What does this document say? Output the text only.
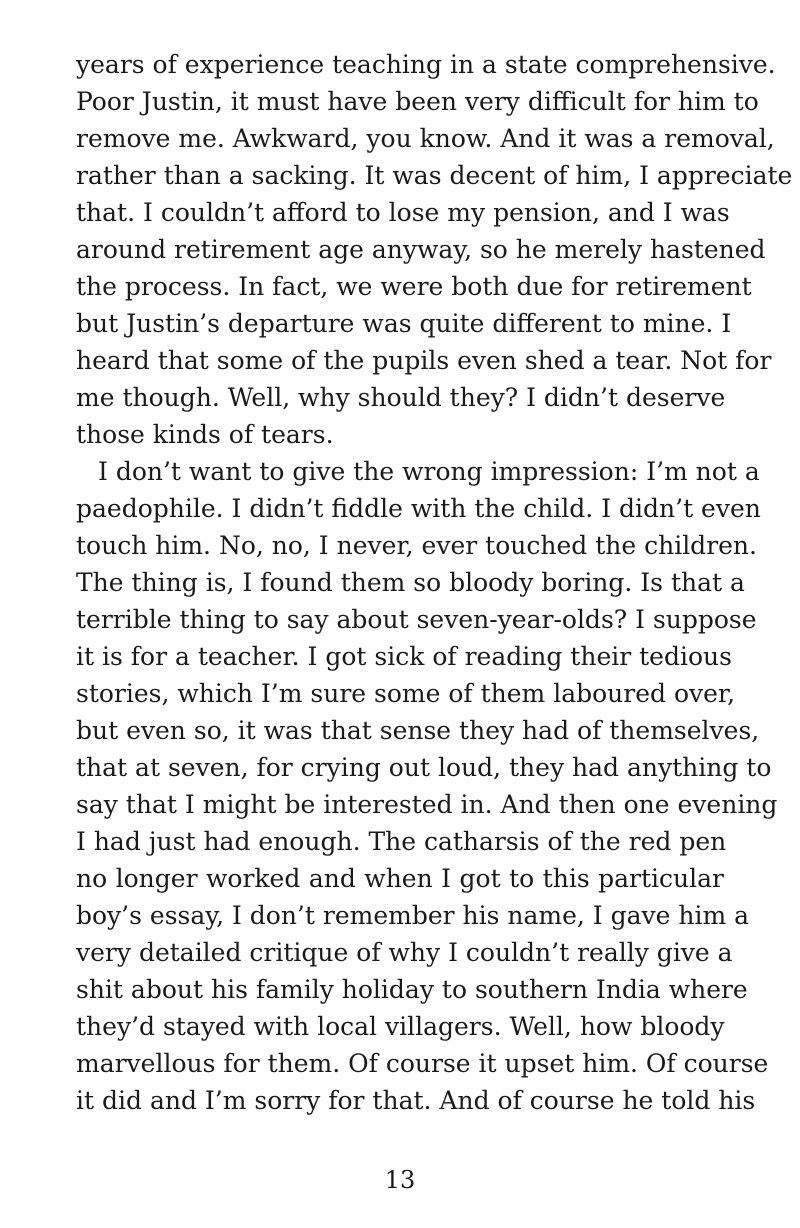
years of experience teaching in a state comprehensive.
Poor Justin, it must have been very difficult for him to
remove me. Awkward, you know. And it was a removal,
rather than a sacking. It was decent of him, I appreciate
that. I couldn’t afford to lose my pension, and I was
around retirement age anyway, so he merely hastened
the process. In fact, we were both due for retirement
but Justin’s departure was quite different to mine. I
heard that some of the pupils even shed a tear. Not for
me though. Well, why should they? I didn’t deserve
those kinds of tears.
I don’t want to give the wrong impression: I’m not a
paedophile. I didn’t fiddle with the child. I didn’t even
touch him. No, no, I never, ever touched the children.
The thing is, I found them so bloody boring. Is that a
terrible thing to say about seven-year-olds? I suppose
it is for a teacher. I got sick of reading their tedious
stories, which I’m sure some of them laboured over,
but even so, it was that sense they had of themselves,
that at seven, for crying out loud, they had anything to
say that I might be interested in. And then one evening
I had just had enough. The catharsis of the red pen
no longer worked and when I got to this particular
boy’s essay, I don’t remember his name, I gave him a
very detailed critique of why I couldn’t really give a
shit about his family holiday to southern India where
they’d stayed with local villagers. Well, how bloody
marvellous for them. Of course it upset him. Of course
it did and I’m sorry for that. And of course he told his
13
